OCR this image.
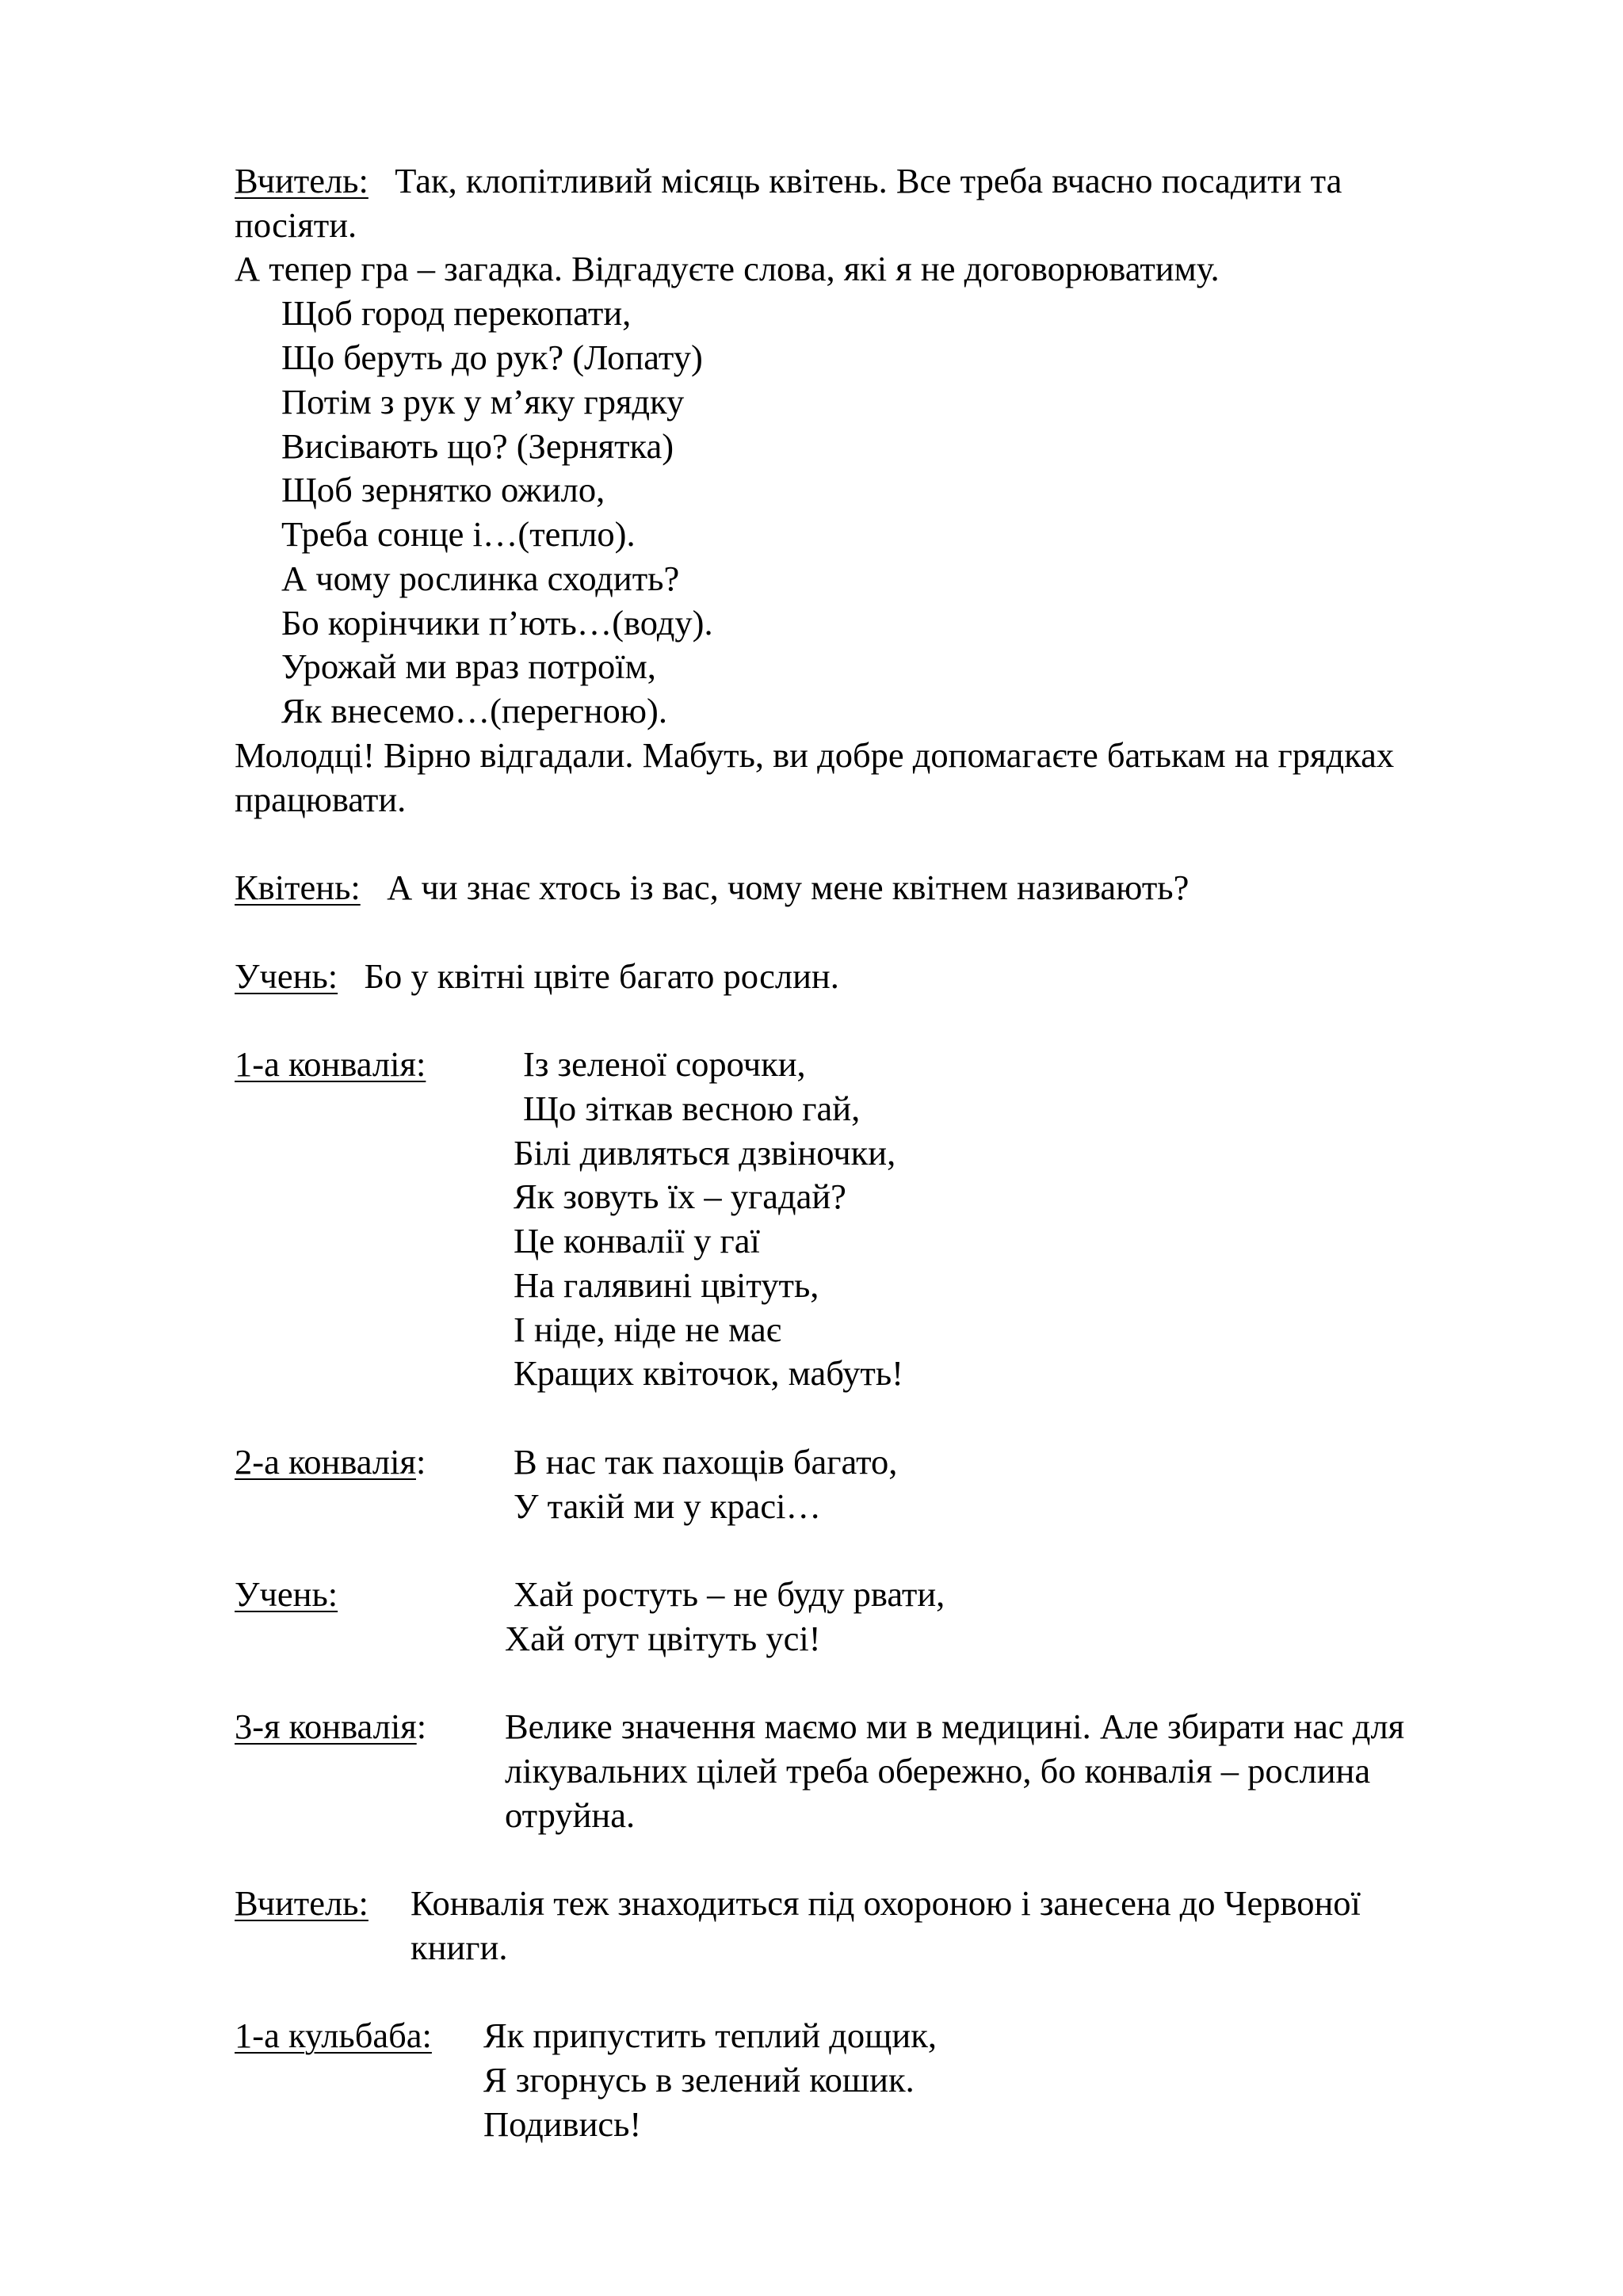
Вчитель: Так, клопітливий місяць квітень. Все треба вчасно посадити та
посіяти.
А тепер гра – загадка. Відгадуєте слова, які я не договорюватиму.
Щоб город перекопати,
Що беруть до рук? (Лопату)
Потім з рук у м’яку грядку
Висівають що? (Зернятка)
Щоб зернятко ожило,
Треба сонце і…(тепло).
А чому рослинка сходить?
Бо корінчики п’ють…(воду).
Урожай ми враз потроїм,
Як внесемо…(перегною).
Молодці! Вірно відгадали. Мабуть, ви добре допомагаєте батькам на грядках
працювати.
Квітень: А чи знає хтось із вас, чому мене квітнем називають?
Учень: Бо у квітні цвіте багато рослин.
1-а конвалія:	Із зеленої сорочки,
Що зіткав весною гай,
Білі дивляться дзвіночки,
Як зовуть їх – угадай?
Це конвалії у гаї
На галявині цвітуть,
І ніде, ніде не має
Кращих квіточок, мабуть!
2-а конвалія: В нас так пахощів багато,
У такій ми у красі…
Учень:	Хай ростуть – не буду рвати,
Хай отут цвітуть усі!
3-я конвалія: Велике значення маємо ми в медицині. Але збирати нас для
лікувальних цілей треба обережно, бо конвалія – рослина
отруйна.
Вчитель: Конвалія теж знаходиться під охороною і занесена до Червоної
книги.
1-а кульбаба: Як припустить теплий дощик,
Я згорнусь в зелений кошик.
Подивись!
